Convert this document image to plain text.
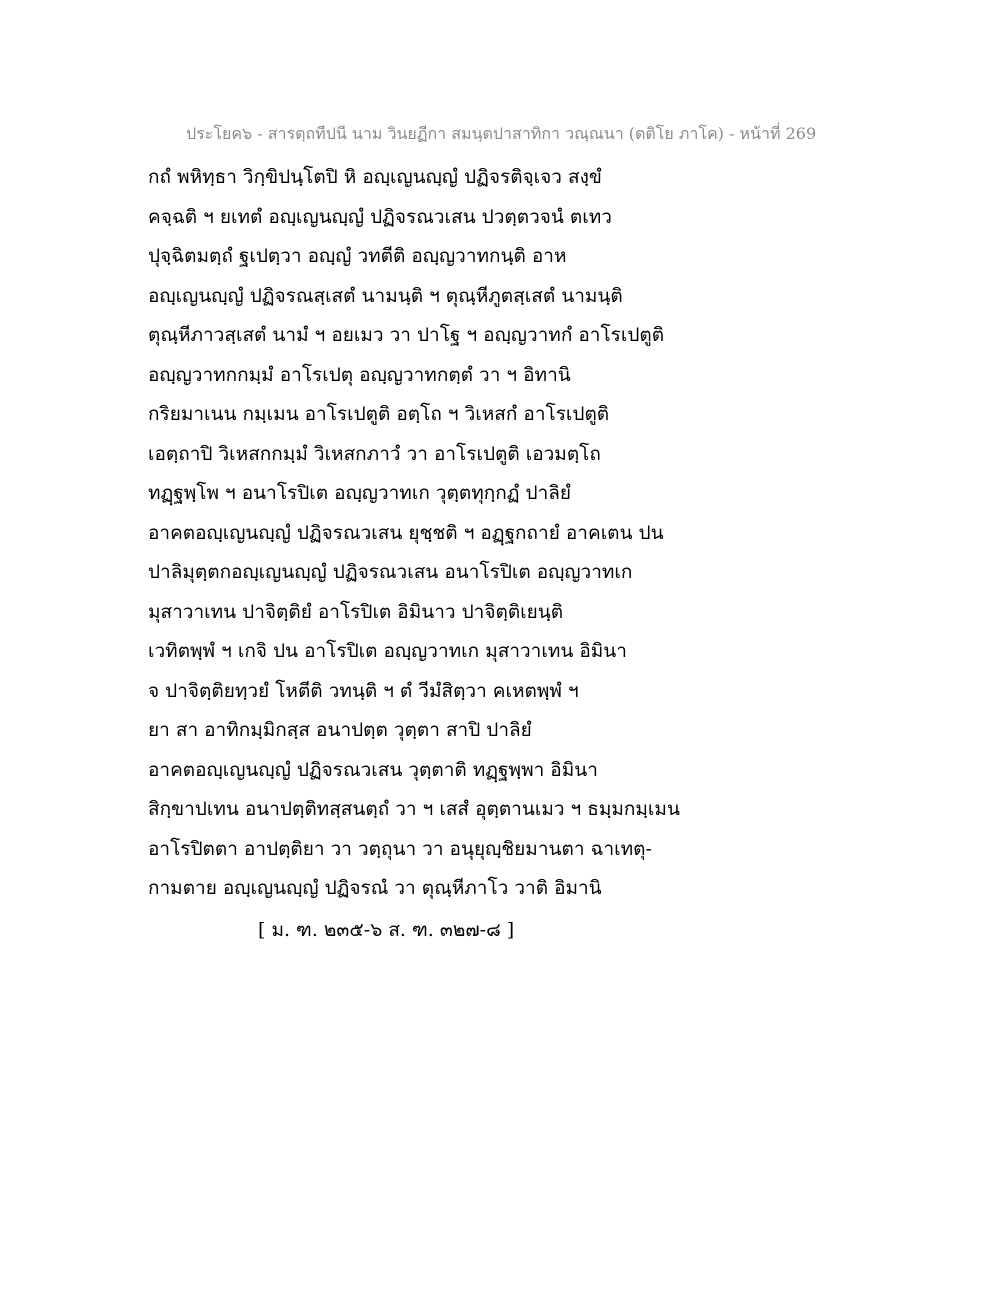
ประโยค๖ - สารตฺถทีปนี นาม วินยฏีกา สมนฺตปาสาทิกา วณฺณนา (ตติโย ภาโค) - หน้าที่ 269
กถํ พหิทฺธา วิกฺขิปนฺโตปิ หิ อญฺเญนญฺญํ ปฏิจรติจฺเจว สงฺขํ
คจฺฉติ ฯ ยเทตํ อญฺเญนญฺญํ ปฏิจรณวเสน ปวตฺตวจนํ ตเทว
ปุจฺฉิตมตฺถํ ฐเปตฺวา อญฺญํ วทตีติ อญฺญวาทกนฺติ อาห
อญฺเญนญฺญํ ปฏิจรณสฺเสตํ นามนฺติ ฯ ตุณฺหีภูตสฺเสตํ นามนฺติ
ตุณฺหีภาวสฺเสตํ นามํ ฯ อยเมว วา ปาโฐ ฯ อญฺญวาทกํ อาโรเปตูติ
อญฺญวาทกกมฺมํ อาโรเปตุ อญฺญวาทกตฺตํ วา ฯ อิทานิ
กริยมาเนน กมฺเมน อาโรเปตูติ อตฺโถ ฯ วิเหสกํ อาโรเปตูติ
เอตฺถาปิ วิเหสกกมฺมํ วิเหสกภาวํ วา อาโรเปตูติ เอวมตฺโถ
ทฏฺฐพฺโพ ฯ อนาโรปิเต อญฺญวาทเก วุตฺตทุกฺกฏํ ปาลิยํ
อาคตอญฺเญนญฺญํ ปฏิจรณวเสน ยุชฺชติ ฯ อฏฺฐกถายํ อาคเตน ปน
ปาลิมุตฺตกอญฺเญนญฺญํ ปฏิจรณวเสน อนาโรปิเต อญฺญวาทเก
มุสาวาเทน ปาจิตฺติยํ อาโรปิเต อิมินาว ปาจิตฺติเยนฺติ
เวทิตพฺพํ ฯ เกจิ ปน อาโรปิเต อญฺญวาทเก มุสาวาเทน อิมินา
จ ปาจิตฺติยทฺวยํ โหตีติ วทนฺติ ฯ ตํ วีมํสิตฺวา คเหตพฺพํ ฯ
ยา สา อาทิกมฺมิกสฺส อนาปตฺต วุตฺตา สาปิ ปาลิยํ
อาคตอญฺเญนญฺญํ ปฏิจรณวเสน วุตฺตาติ ทฏฺฐพฺพา อิมินา
สิกฺขาปเทน อนาปตฺติทสฺสนตฺถํ วา ฯ เสสํ อุตฺตานเมว ฯ ธมฺมกมฺเมน
อาโรปิตตา อาปตฺติยา วา วตฺถุนา วา อนุยุญฺชิยมานตา ฉาเทตุ-
กามตาย อญฺเญนญฺญํ ปฏิจรณํ วา ตุณฺหีภาโว วาติ อิมานิ
[ ม. ฑ. ๒๓๕-๖ ส. ฑ. ๓๒๗-๘ ]
